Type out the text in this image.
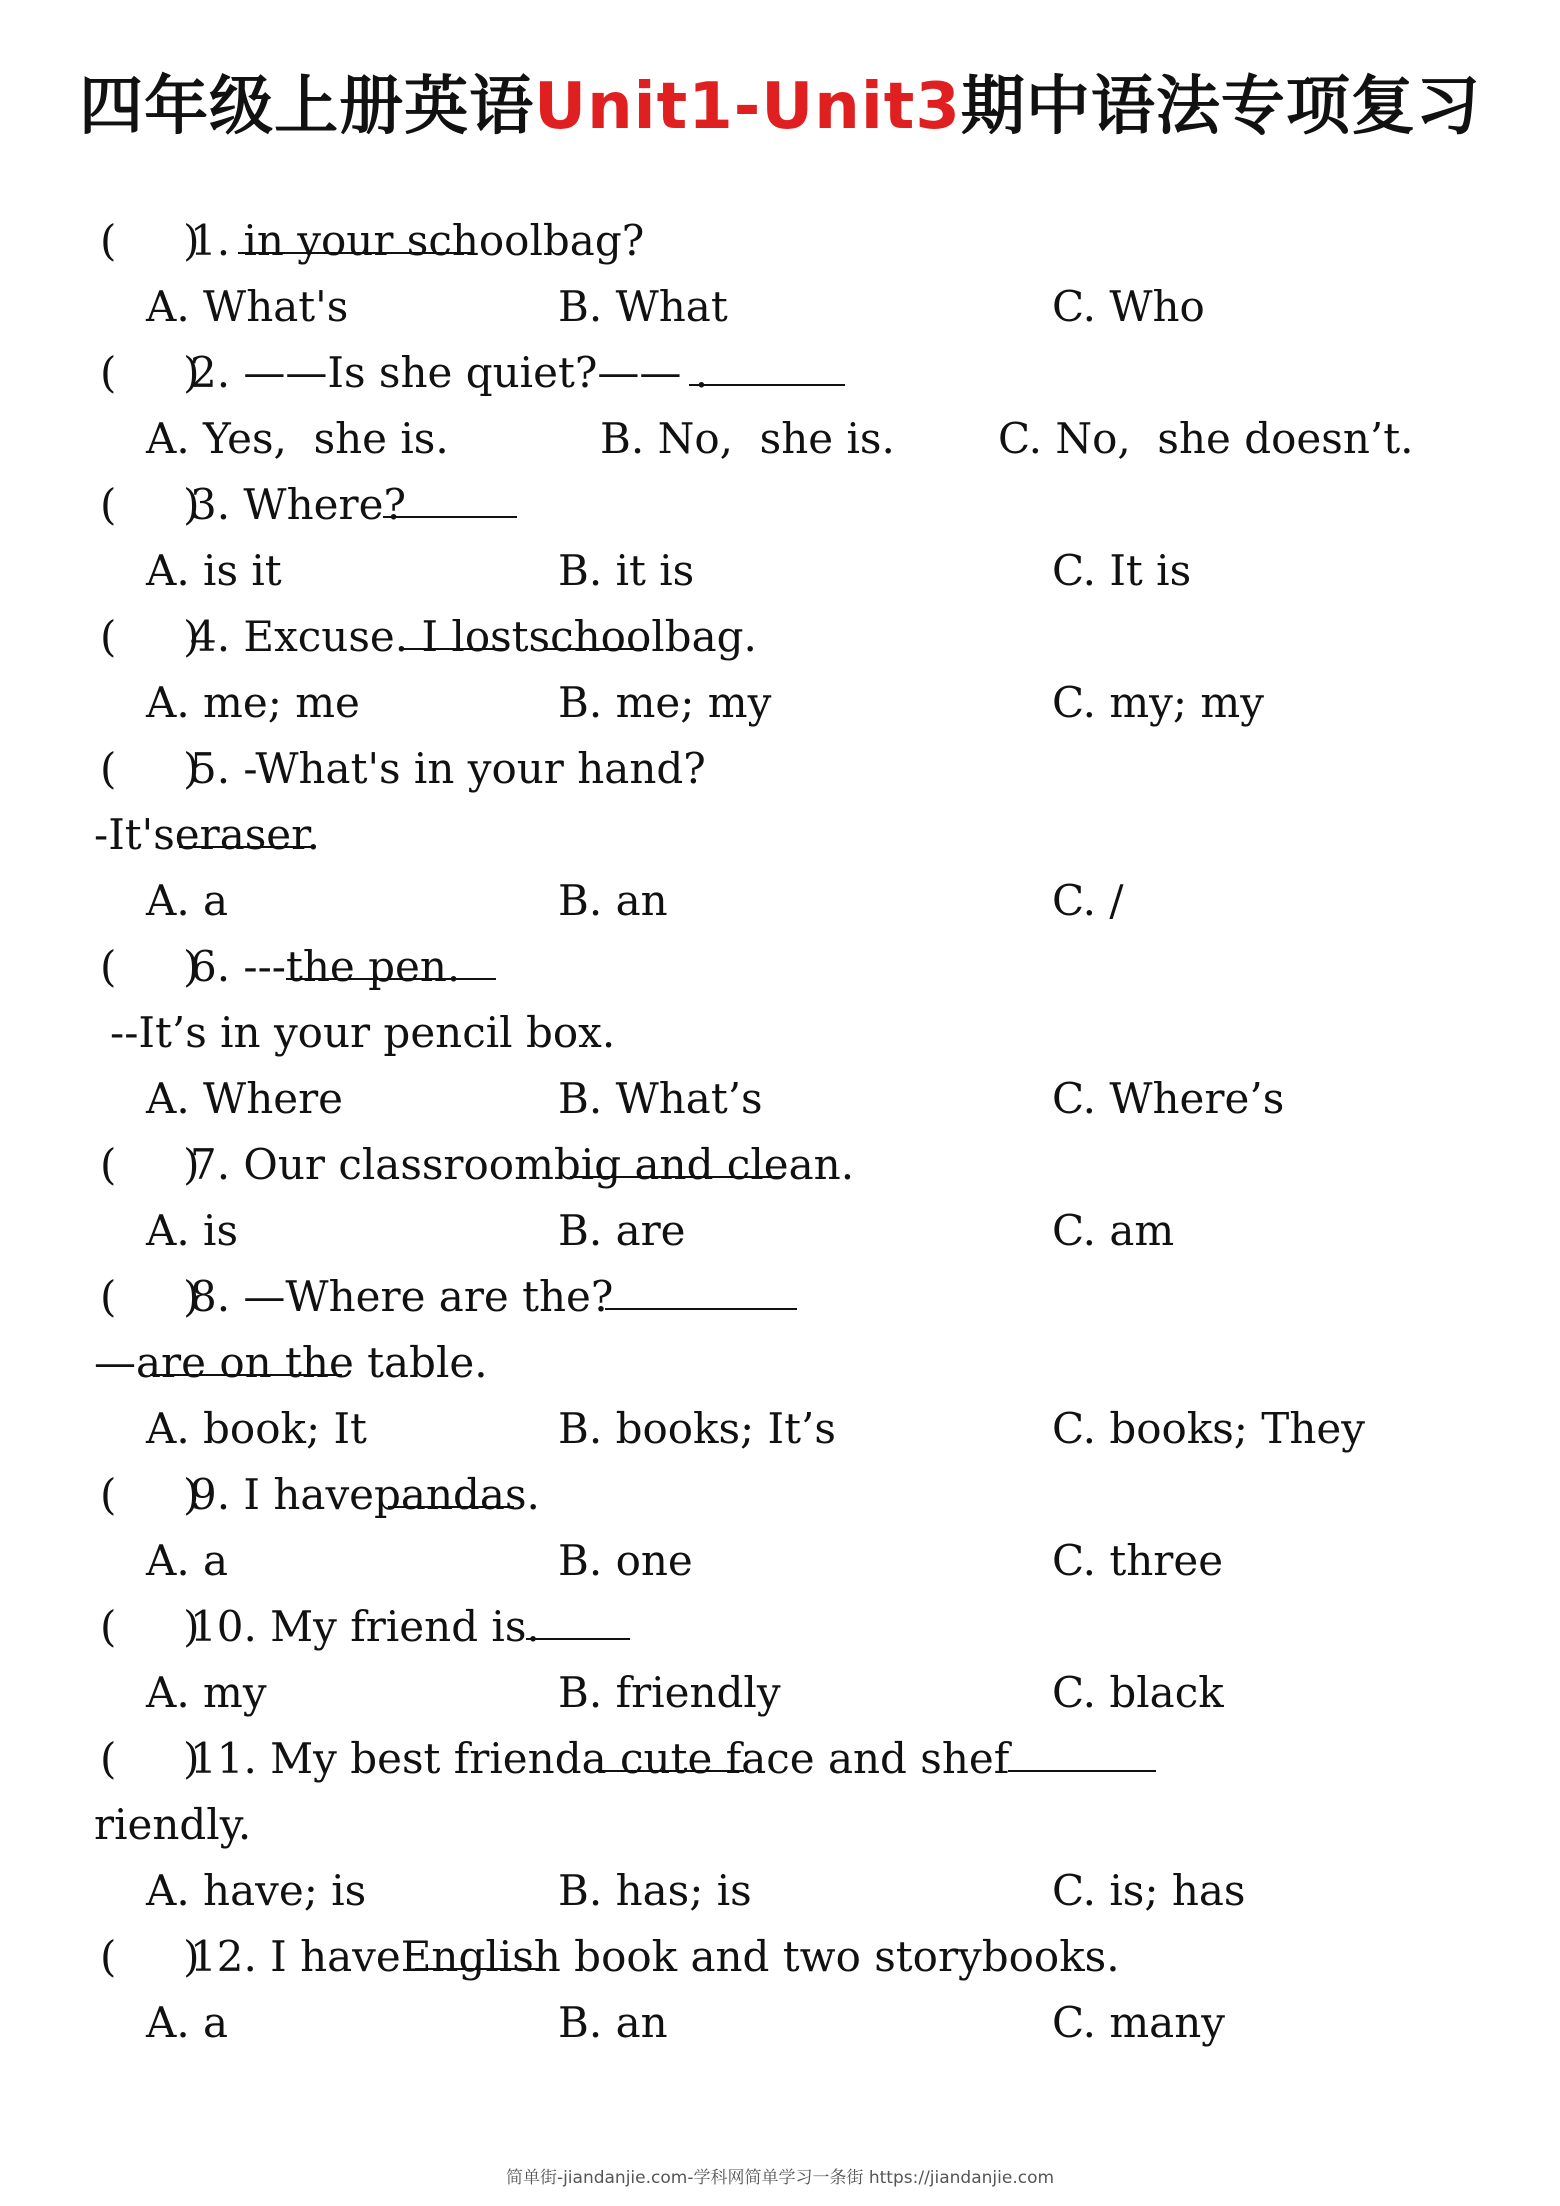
四年级上册英语Unit1-Unit3期中语法专项复习
(     )
1. in your schoolbag?
A. What's	B. What	C. Who
(     )
2. ——Is she quiet?—— .
A. Yes,  she is.	B. No,  she is. C. No,  she doesn’t.
(     )
3. Where
?
A. is it	B. it is	C. It is
(     )
4. Excuse
. I lost
schoolbag.
A. me; me	B. me; my	C. my; my
(     )
5. -What's in your hand?
-It's
eraser.
A. a	B. an	C. /
(     )
6. ---
the pen.
--It’s in your pencil box.
A. Where	B. What’s	C. Where’s
(     )
7. Our classroom
big and clean.
A. is	B. are	C. am
(     )
8. —Where are the
?
—
are on the table.
A. book; It	B. books; It’s	C. books; They
(     )
9. I have
pandas.
A. a	B. one	C. three
(     )
10. My friend is
.
A. my	B. friendly	C. black
(     )
11. My best friend
a cute face and she
f
riendly.
A. have; is	B. has; is	C. is; has
(     )
12. I have
English book and two storybooks.
A. a	B. an	C. many
简单街-jiandanjie.com-学科网简单学习一条街 https://jiandanjie.com
